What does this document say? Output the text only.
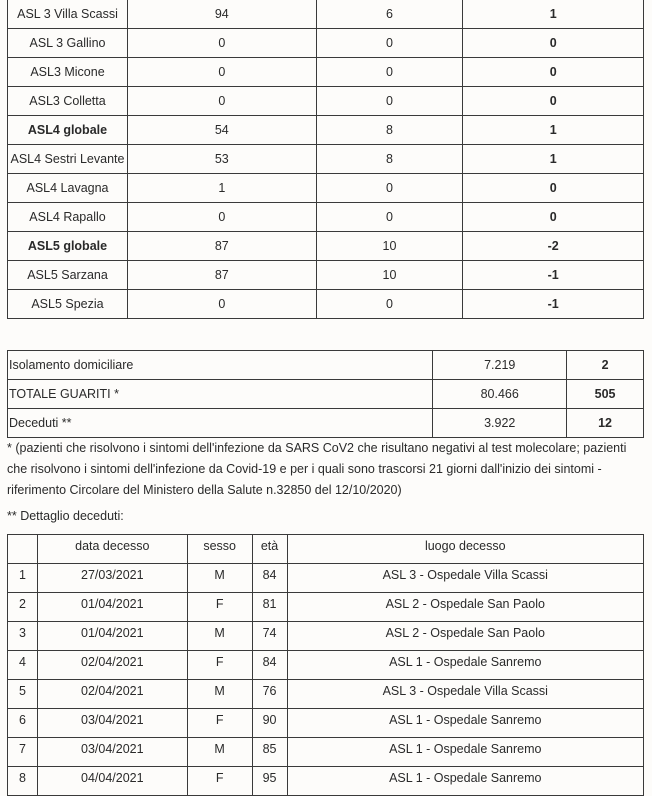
ASL 3 Villa Scassi	94	6	1
ASL 3 Gallino	0	0	0
ASL3 Micone	0	0	0
ASL3 Colletta	0	0	0
ASL4 globale	54	8	1
ASL4 Sestri Levante	53	8	1
ASL4 Lavagna	1	0	0
ASL4 Rapallo	0	0	0
ASL5 globale	87	10	-2
ASL5 Sarzana	87	10	-1
ASL5 Spezia	0	0	-1
Isolamento domiciliare	7.219	2
TOTALE GUARITI *	80.466	505
Deceduti **	3.922	12
* (pazienti che risolvono i sintomi dell'infezione da SARS CoV2 che risultano negativi al test molecolare; pazienti che risolvono i sintomi dell'infezione da Covid-19 e per i quali sono trascorsi 21 giorni dall'inizio dei sintomi - riferimento Circolare del Ministero della Salute n.32850 del 12/10/2020)
** Dettaglio deceduti:
	data decesso	sesso	età	luogo decesso
1	27/03/2021	M	84	ASL 3 - Ospedale Villa Scassi
2	01/04/2021	F	81	ASL 2 - Ospedale San Paolo
3	01/04/2021	M	74	ASL 2 - Ospedale San Paolo
4	02/04/2021	F	84	ASL 1 - Ospedale Sanremo
5	02/04/2021	M	76	ASL 3 - Ospedale Villa Scassi
6	03/04/2021	F	90	ASL 1 - Ospedale Sanremo
7	03/04/2021	M	85	ASL 1 - Ospedale Sanremo
8	04/04/2021	F	95	ASL 1 - Ospedale Sanremo
